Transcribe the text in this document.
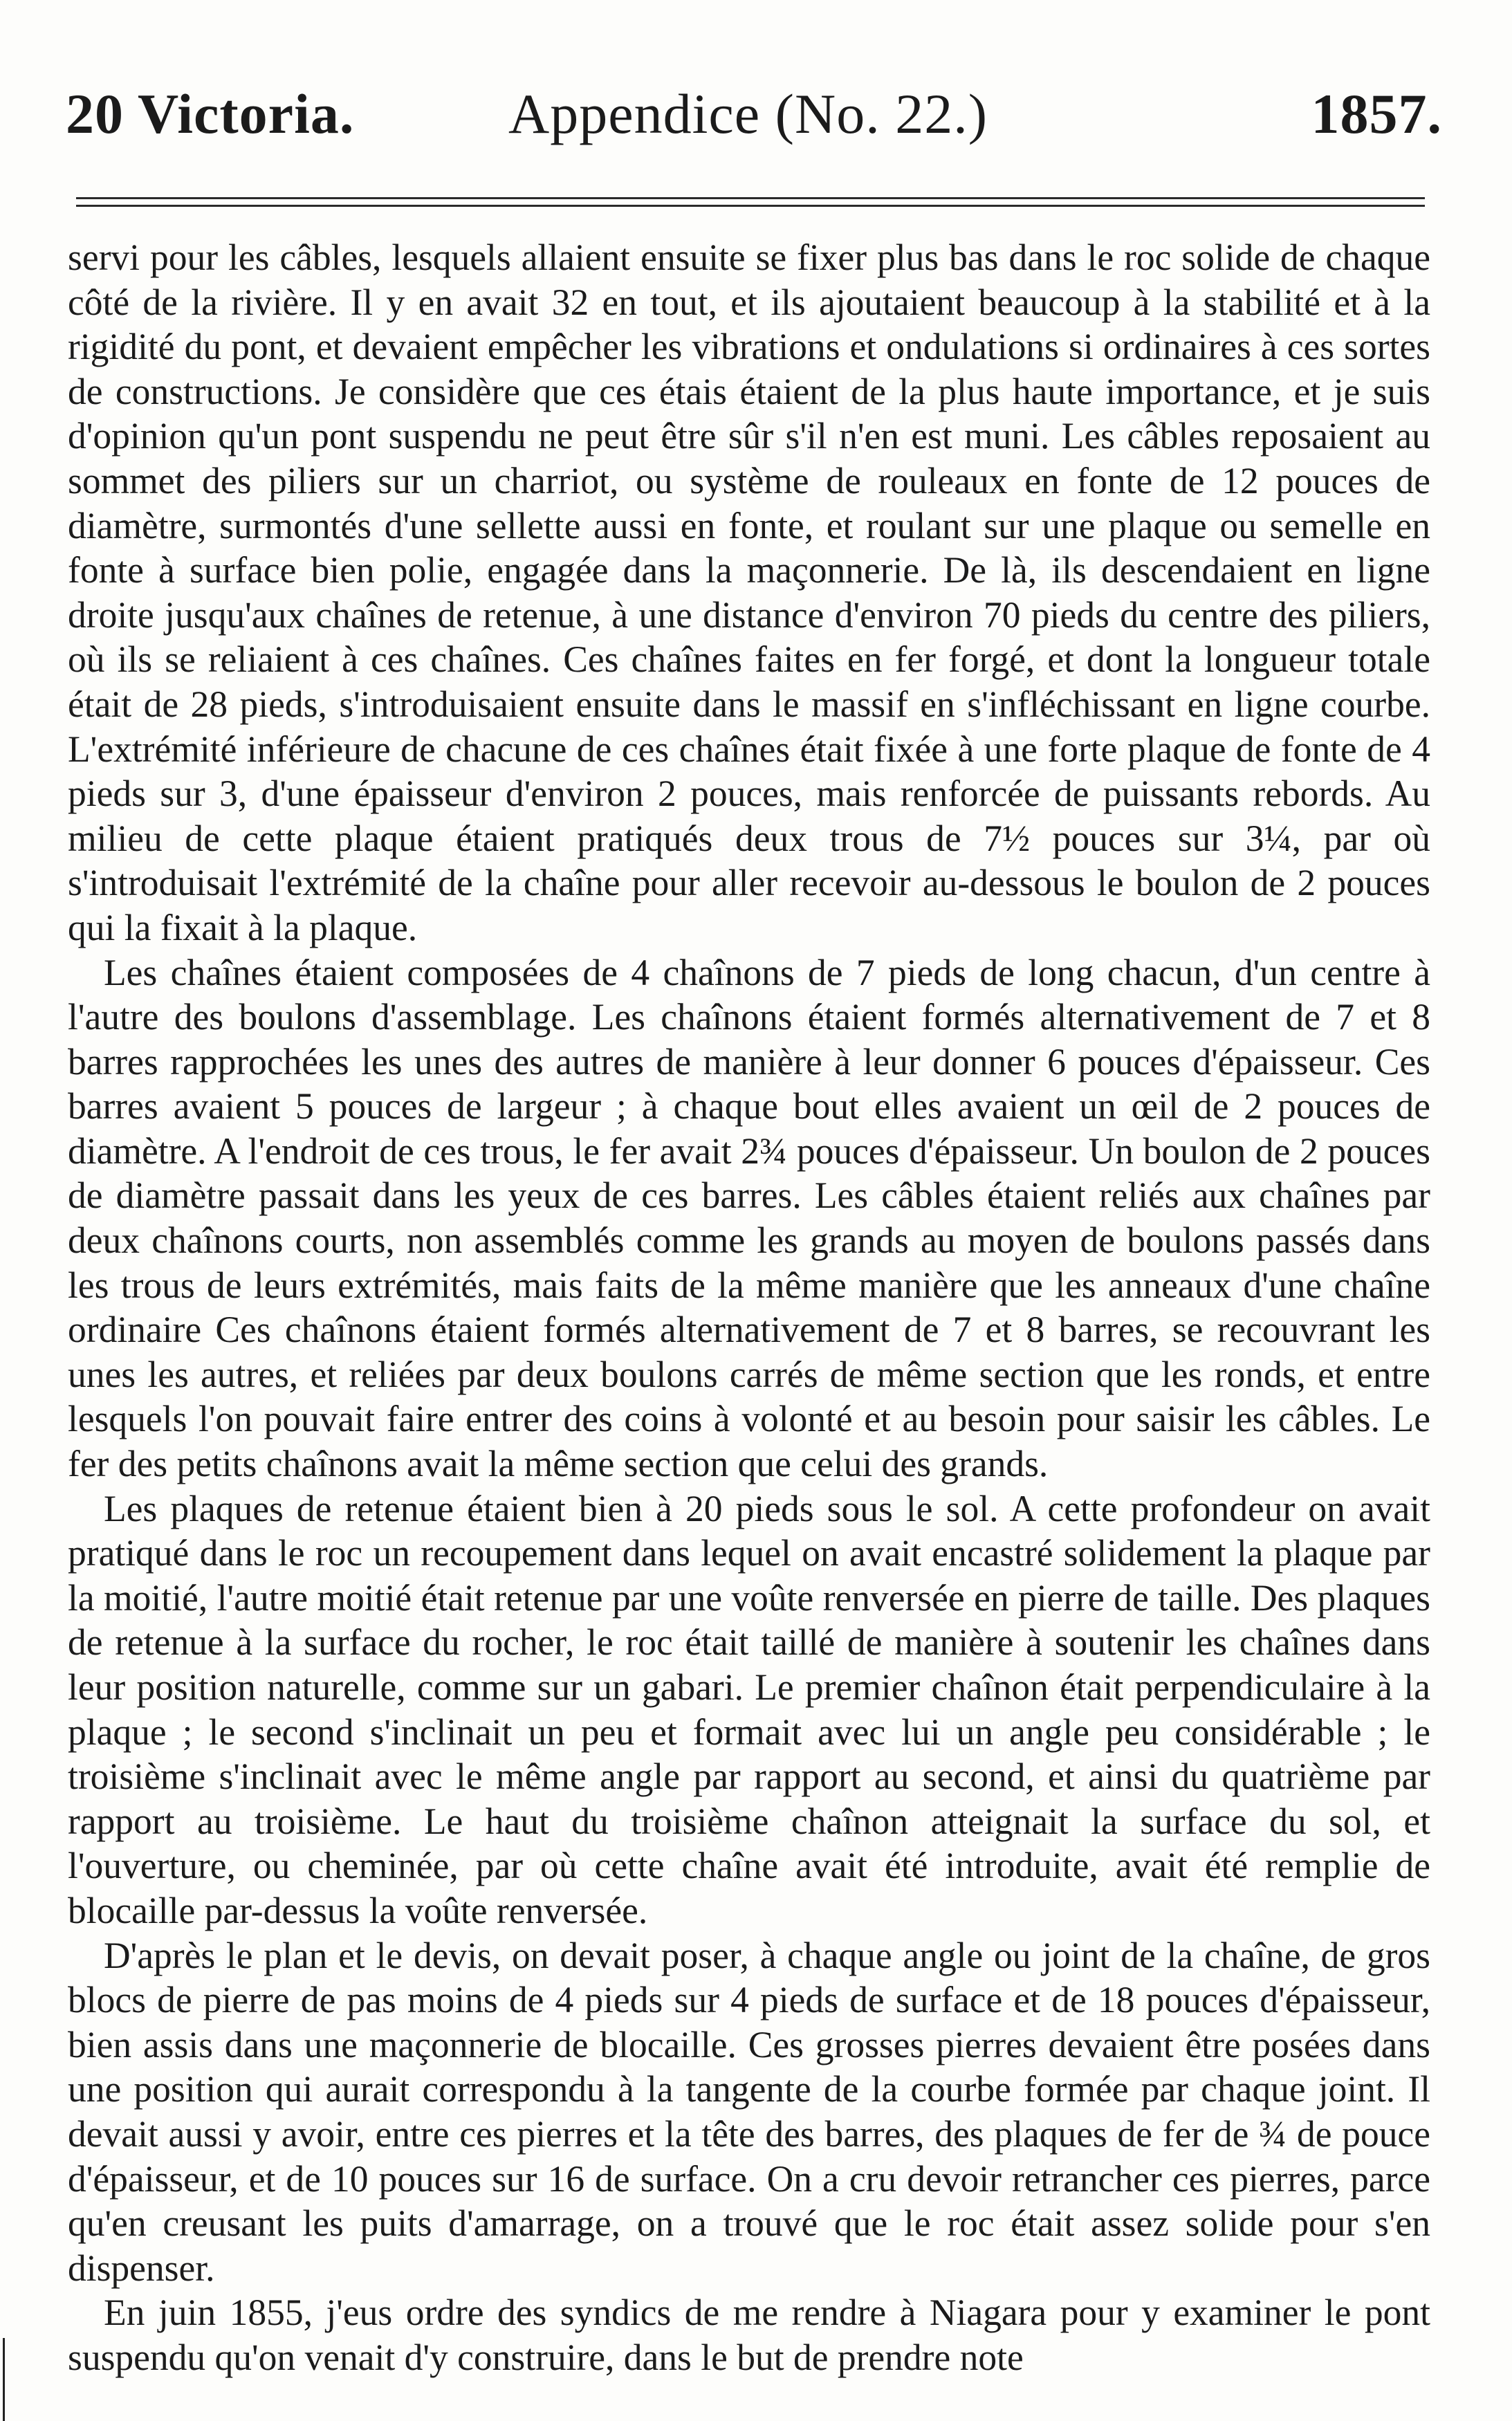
20 Victoria.	Appendice (No. 22.)	1857.

servi pour les câbles, lesquels allaient ensuite se fixer plus bas dans le roc solide de chaque côté de la rivière. Il y en avait 32 en tout, et ils ajoutaient beaucoup à la stabilité et à la rigidité du pont, et devaient empêcher les vibrations et ondulations si ordinaires à ces sortes de constructions. Je considère que ces étais étaient de la plus haute importance, et je suis d'opinion qu'un pont suspendu ne peut être sûr s'il n'en est muni. Les câbles reposaient au sommet des piliers sur un charriot, ou système de rouleaux en fonte de 12 pouces de diamètre, surmontés d'une sellette aussi en fonte, et roulant sur une plaque ou semelle en fonte à surface bien polie, engagée dans la maçonnerie. De là, ils descendaient en ligne droite jusqu'aux chaînes de retenue, à une distance d'environ 70 pieds du centre des piliers, où ils se reliaient à ces chaînes. Ces chaînes faites en fer forgé, et dont la longueur totale était de 28 pieds, s'introduisaient ensuite dans le massif en s'infléchissant en ligne courbe. L'extrémité inférieure de chacune de ces chaînes était fixée à une forte plaque de fonte de 4 pieds sur 3, d'une épaisseur d'environ 2 pouces, mais renforcée de puissants rebords. Au milieu de cette plaque étaient pratiqués deux trous de 7½ pouces sur 3¼, par où s'introduisait l'extrémité de la chaîne pour aller recevoir au-dessous le boulon de 2 pouces qui la fixait à la plaque.

Les chaînes étaient composées de 4 chaînons de 7 pieds de long chacun, d'un centre à l'autre des boulons d'assemblage. Les chaînons étaient formés alternativement de 7 et 8 barres rapprochées les unes des autres de manière à leur donner 6 pouces d'épaisseur. Ces barres avaient 5 pouces de largeur ; à chaque bout elles avaient un œil de 2 pouces de diamètre. A l'endroit de ces trous, le fer avait 2¾ pouces d'épaisseur. Un boulon de 2 pouces de diamètre passait dans les yeux de ces barres. Les câbles étaient reliés aux chaînes par deux chaînons courts, non assemblés comme les grands au moyen de boulons passés dans les trous de leurs extrémités, mais faits de la même manière que les anneaux d'une chaîne ordinaire Ces chaînons étaient formés alternativement de 7 et 8 barres, se recouvrant les unes les autres, et reliées par deux boulons carrés de même section que les ronds, et entre lesquels l'on pouvait faire entrer des coins à volonté et au besoin pour saisir les câbles. Le fer des petits chaînons avait la même section que celui des grands.

Les plaques de retenue étaient bien à 20 pieds sous le sol. A cette profondeur on avait pratiqué dans le roc un recoupement dans lequel on avait encastré solidement la plaque par la moitié, l'autre moitié était retenue par une voûte renversée en pierre de taille. Des plaques de retenue à la surface du rocher, le roc était taillé de manière à soutenir les chaînes dans leur position naturelle, comme sur un gabari. Le premier chaînon était perpendiculaire à la plaque ; le second s'inclinait un peu et formait avec lui un angle peu considérable ; le troisième s'inclinait avec le même angle par rapport au second, et ainsi du quatrième par rapport au troisième. Le haut du troisième chaînon atteignait la surface du sol, et l'ouverture, ou cheminée, par où cette chaîne avait été introduite, avait été remplie de blocaille par-dessus la voûte renversée.

D'après le plan et le devis, on devait poser, à chaque angle ou joint de la chaîne, de gros blocs de pierre de pas moins de 4 pieds sur 4 pieds de surface et de 18 pouces d'épaisseur, bien assis dans une maçonnerie de blocaille. Ces grosses pierres devaient être posées dans une position qui aurait correspondu à la tangente de la courbe formée par chaque joint. Il devait aussi y avoir, entre ces pierres et la tête des barres, des plaques de fer de ¾ de pouce d'épaisseur, et de 10 pouces sur 16 de surface. On a cru devoir retrancher ces pierres, parce qu'en creusant les puits d'amarrage, on a trouvé que le roc était assez solide pour s'en dispenser.

En juin 1855, j'eus ordre des syndics de me rendre à Niagara pour y examiner le pont suspendu qu'on venait d'y construire, dans le but de prendre note
